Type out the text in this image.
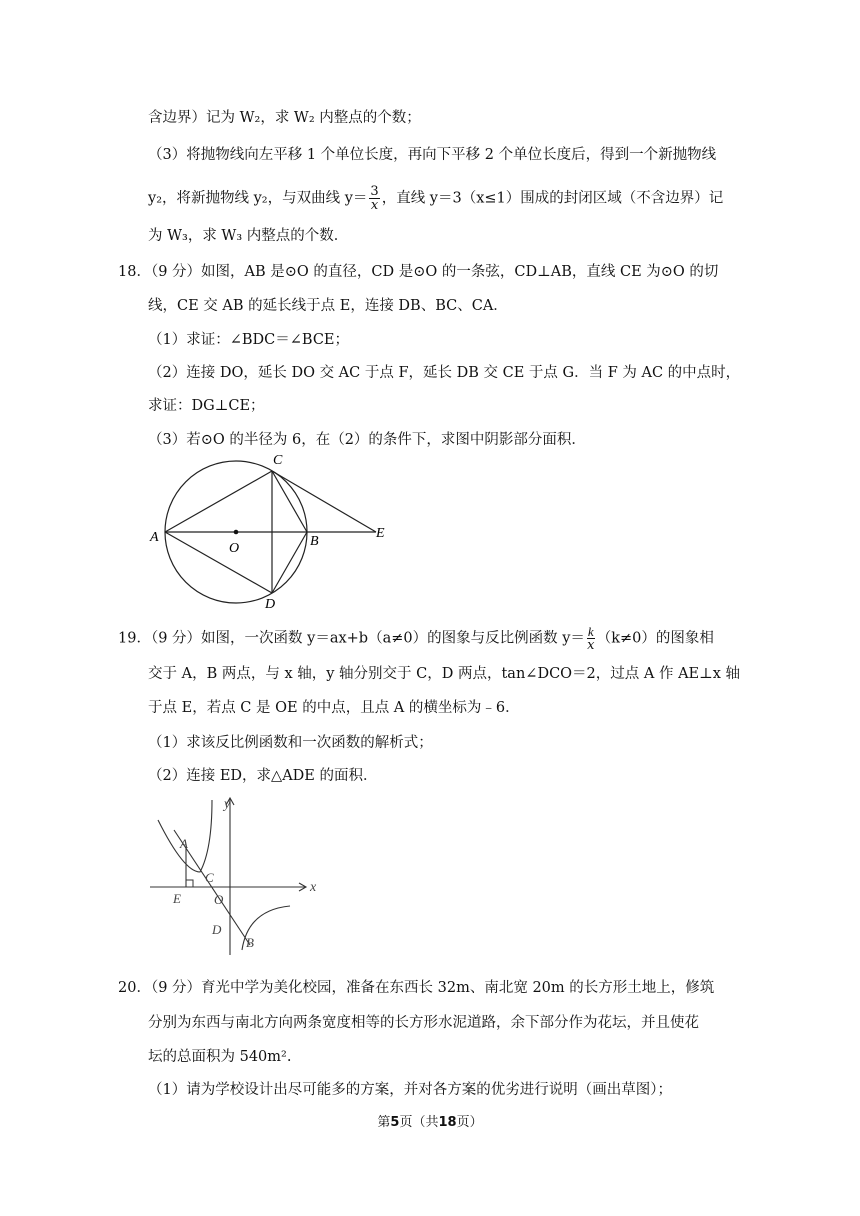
含边界）记为 W₂，求 W₂ 内整点的个数；
（3）将抛物线向左平移 1 个单位长度，再向下平移 2 个单位长度后，得到一个新抛物线
y₂，将新抛物线 y₂，与双曲线 $y= \frac{3}{x}$ ，直线 y＝3（x≤1）围成的封闭区域（不含边界）记
为 W₃，求 W₃ 内整点的个数．
18．（9 分）如图，AB 是⊙O 的直径，CD 是⊙O 的一条弦，CD⊥AB，直线 CE 为⊙O 的切
线，CE 交 AB 的延长线于点 E，连接 DB、BC、CA．
（1）求证：∠BDC＝∠BCE；
（2）连接 DO，延长 DO 交 AC 于点 F，延长 DB 交 CE 于点 G．当 F 为 AC 的中点时，
求证：DG⊥CE；
（3）若⊙O 的半径为 6，在（2）的条件下，求图中阴影部分面积．
C
A
O	B
E
D
19．（9 分）如图，一次函数 y＝ax+b（a≠0）的图象与反比例函数 $y= \frac{k}{x} (k\ne 0)$的图象相
交于 A，B 两点，与 x 轴，y 轴分别交于 C，D 两点，tan∠DCO＝2，过点 A 作 AE⊥x 轴
于点 E，若点 C 是 OE 的中点，且点 A 的横坐标为﹣6．
（1）求该反比例函数和一次函数的解析式；
（2）连接 ED，求△ADE 的面积．
y
x
A
C
E	O
D
B
20．（9 分）育光中学为美化校园，准备在东西长 32m、南北宽 20m 的长方形土地上，修筑
分别为东西与南北方向两条宽度相等的长方形水泥道路，余下部分作为花坛，并且使花
坛的总面积为 540m².
（1）请为学校设计出尽可能多的方案，并对各方案的优劣进行说明（画出草图）；
第5页（共18页）
